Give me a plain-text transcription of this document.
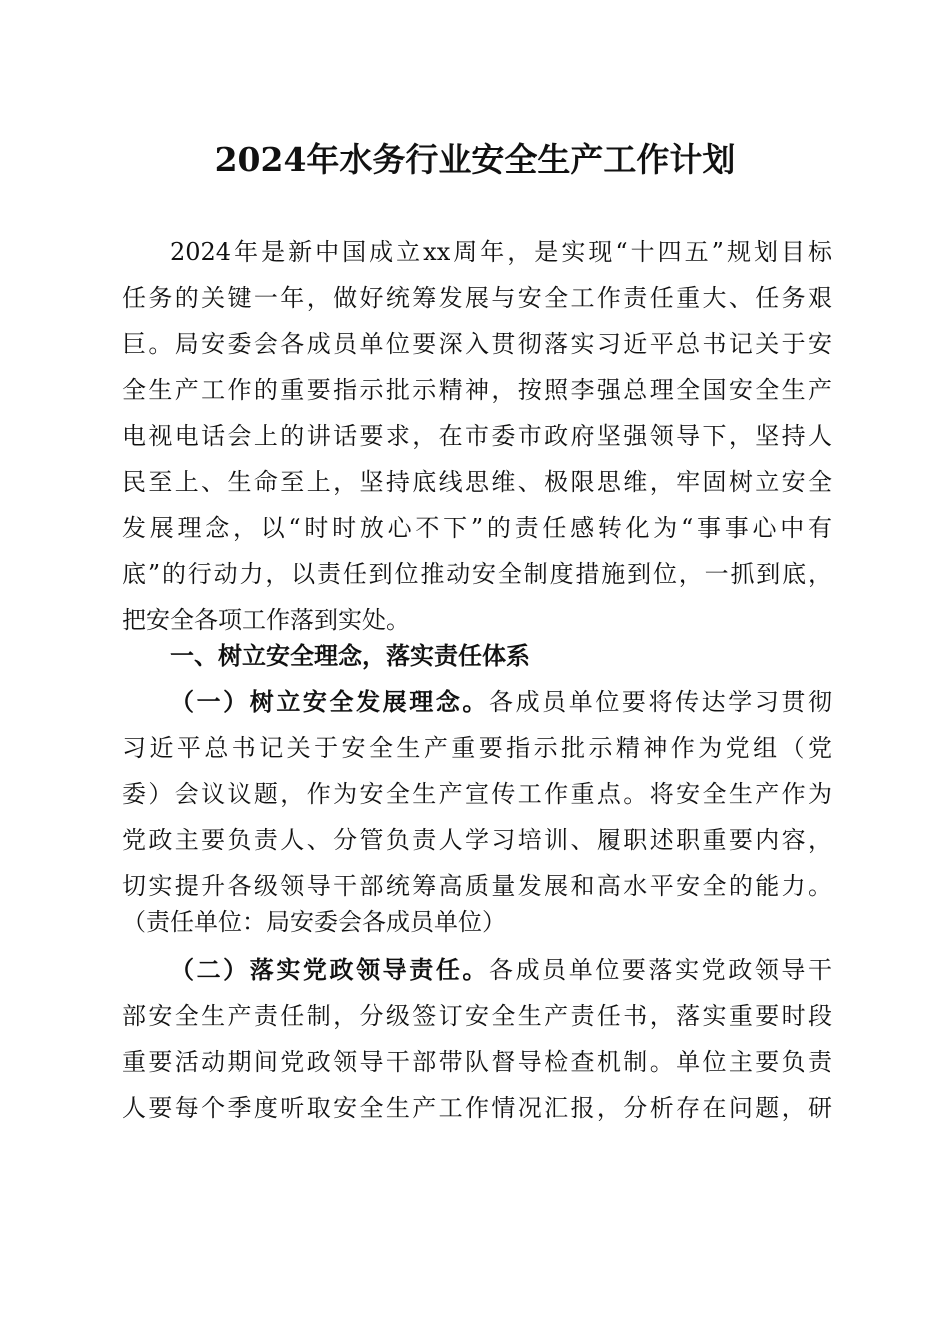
2024年水务行业安全生产工作计划
2024年是新中国成立xx周年，是实现“十四五”规划目标
任务的关键一年，做好统筹发展与安全工作责任重大、任务艰
巨。局安委会各成员单位要深入贯彻落实习近平总书记关于安
全生产工作的重要指示批示精神，按照李强总理全国安全生产
电视电话会上的讲话要求，在市委市政府坚强领导下，坚持人
民至上、生命至上，坚持底线思维、极限思维，牢固树立安全
发展理念，以“时时放心不下”的责任感转化为“事事心中有
底”的行动力，以责任到位推动安全制度措施到位，一抓到底，
把安全各项工作落到实处。
一、树立安全理念，落实责任体系
（一）树立安全发展理念。各成员单位要将传达学习贯彻
习近平总书记关于安全生产重要指示批示精神作为党组（党
委）会议议题，作为安全生产宣传工作重点。将安全生产作为
党政主要负责人、分管负责人学习培训、履职述职重要内容，
切实提升各级领导干部统筹高质量发展和高水平安全的能力。
（责任单位：局安委会各成员单位）
（二）落实党政领导责任。各成员单位要落实党政领导干
部安全生产责任制，分级签订安全生产责任书，落实重要时段
重要活动期间党政领导干部带队督导检查机制。单位主要负责
人要每个季度听取安全生产工作情况汇报，分析存在问题，研
